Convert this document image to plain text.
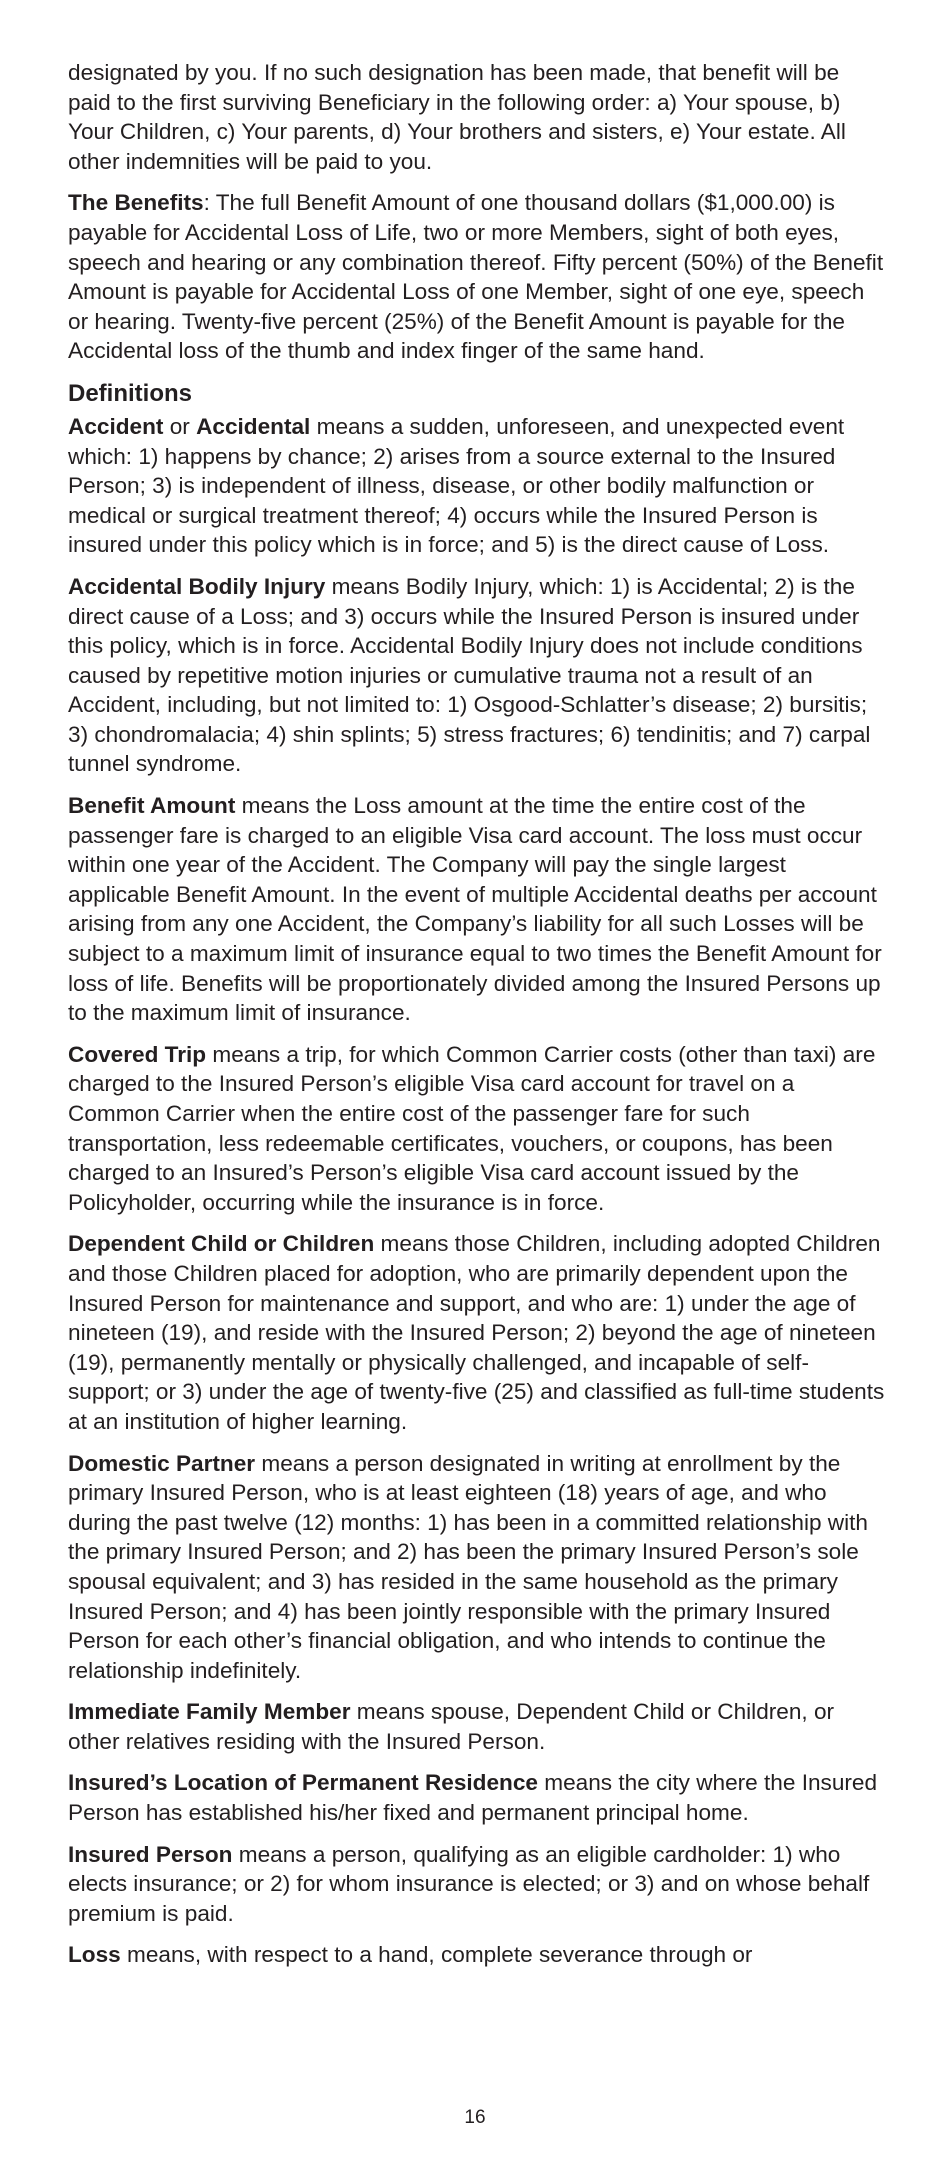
designated by you. If no such designation has been made, that benefit will be paid to the first surviving Beneficiary in the following order: a) Your spouse, b) Your Children, c) Your parents, d) Your brothers and sisters, e) Your estate. All other indemnities will be paid to you.

The Benefits: The full Benefit Amount of one thousand dollars ($1,000.00) is payable for Accidental Loss of Life, two or more Members, sight of both eyes, speech and hearing or any combination thereof. Fifty percent (50%) of the Benefit Amount is payable for Accidental Loss of one Member, sight of one eye, speech or hearing. Twenty-five percent (25%) of the Benefit Amount is payable for the Accidental loss of the thumb and index finger of the same hand.

Definitions

Accident or Accidental means a sudden, unforeseen, and unexpected event which: 1) happens by chance; 2) arises from a source external to the Insured Person; 3) is independent of illness, disease, or other bodily malfunction or medical or surgical treatment thereof; 4) occurs while the Insured Person is insured under this policy which is in force; and 5) is the direct cause of Loss.

Accidental Bodily Injury means Bodily Injury, which: 1) is Accidental; 2) is the direct cause of a Loss; and 3) occurs while the Insured Person is insured under this policy, which is in force. Accidental Bodily Injury does not include conditions caused by repetitive motion injuries or cumulative trauma not a result of an Accident, including, but not limited to: 1) Osgood-Schlatter’s disease; 2) bursitis; 3) chondromalacia; 4) shin splints; 5) stress fractures; 6) tendinitis; and 7) carpal tunnel syndrome.

Benefit Amount means the Loss amount at the time the entire cost of the passenger fare is charged to an eligible Visa card account. The loss must occur within one year of the Accident. The Company will pay the single largest applicable Benefit Amount. In the event of multiple Accidental deaths per account arising from any one Accident, the Company’s liability for all such Losses will be subject to a maximum limit of insurance equal to two times the Benefit Amount for loss of life. Benefits will be proportionately divided among the Insured Persons up to the maximum limit of insurance.

Covered Trip means a trip, for which Common Carrier costs (other than taxi) are charged to the Insured Person’s eligible Visa card account for travel on a Common Carrier when the entire cost of the passenger fare for such transportation, less redeemable certificates, vouchers, or coupons, has been charged to an Insured’s Person’s eligible Visa card account issued by the Policyholder, occurring while the insurance is in force.

Dependent Child or Children means those Children, including adopted Children and those Children placed for adoption, who are primarily dependent upon the Insured Person for maintenance and support, and who are: 1) under the age of nineteen (19), and reside with the Insured Person; 2) beyond the age of nineteen (19), permanently mentally or physically challenged, and incapable of self-support; or 3) under the age of twenty-five (25) and classified as full-time students at an institution of higher learning.

Domestic Partner means a person designated in writing at enrollment by the primary Insured Person, who is at least eighteen (18) years of age, and who during the past twelve (12) months: 1) has been in a committed relationship with the primary Insured Person; and 2) has been the primary Insured Person’s sole spousal equivalent; and 3) has resided in the same household as the primary Insured Person; and 4) has been jointly responsible with the primary Insured Person for each other’s financial obligation, and who intends to continue the relationship indefinitely.

Immediate Family Member means spouse, Dependent Child or Children, or other relatives residing with the Insured Person.

Insured’s Location of Permanent Residence means the city where the Insured Person has established his/her fixed and permanent principal home.

Insured Person means a person, qualifying as an eligible cardholder: 1) who elects insurance; or 2) for whom insurance is elected; or 3) and on whose behalf premium is paid.

Loss means, with respect to a hand, complete severance through or

16
